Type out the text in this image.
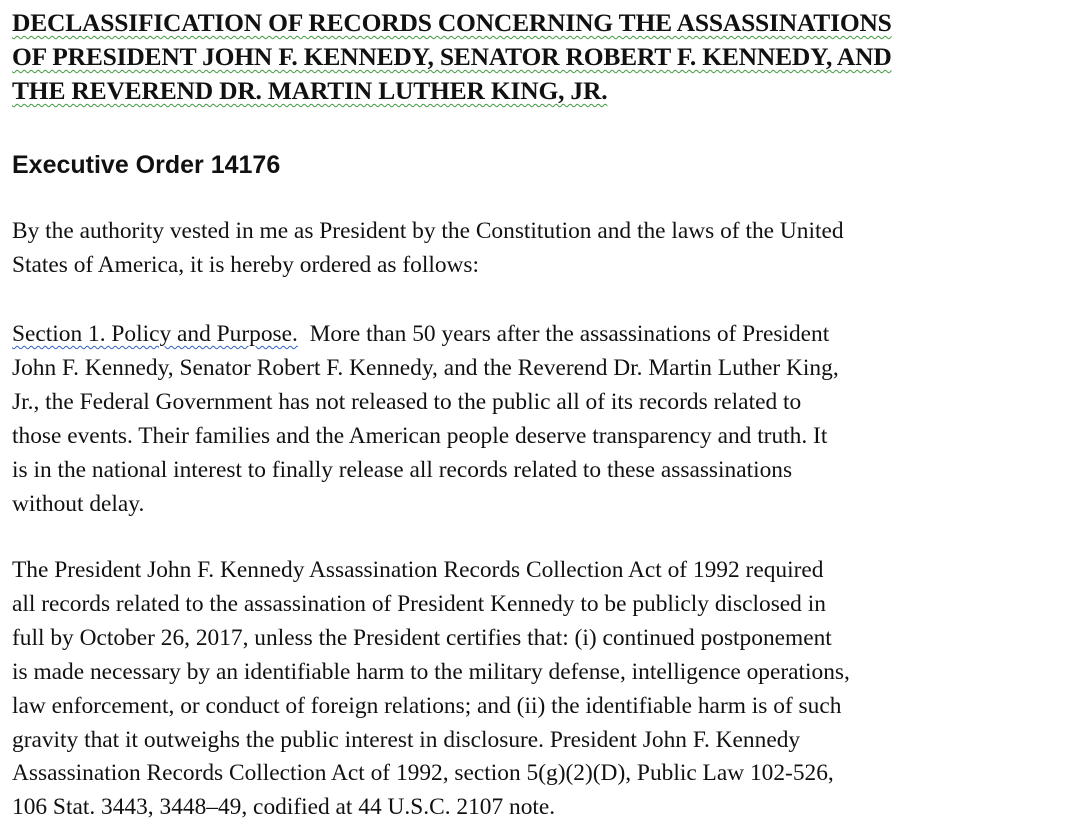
DECLASSIFICATION OF RECORDS CONCERNING THE ASSASSINATIONS
OF PRESIDENT JOHN F. KENNEDY, SENATOR ROBERT F. KENNEDY, AND
THE REVEREND DR. MARTIN LUTHER KING, JR.
Executive Order 14176

By the authority vested in me as President by the Constitution and the laws of the United
States of America, it is hereby ordered as follows:

Section 1. Policy and Purpose.  More than 50 years after the assassinations of President
John F. Kennedy, Senator Robert F. Kennedy, and the Reverend Dr. Martin Luther King,
Jr., the Federal Government has not released to the public all of its records related to
those events. Their families and the American people deserve transparency and truth. It
is in the national interest to finally release all records related to these assassinations
without delay.

The President John F. Kennedy Assassination Records Collection Act of 1992 required
all records related to the assassination of President Kennedy to be publicly disclosed in
full by October 26, 2017, unless the President certifies that: (i) continued postponement
is made necessary by an identifiable harm to the military defense, intelligence operations,
law enforcement, or conduct of foreign relations; and (ii) the identifiable harm is of such
gravity that it outweighs the public interest in disclosure. President John F. Kennedy
Assassination Records Collection Act of 1992, section 5(g)(2)(D), Public Law 102-526,
106 Stat. 3443, 3448–49, codified at 44 U.S.C. 2107 note.
